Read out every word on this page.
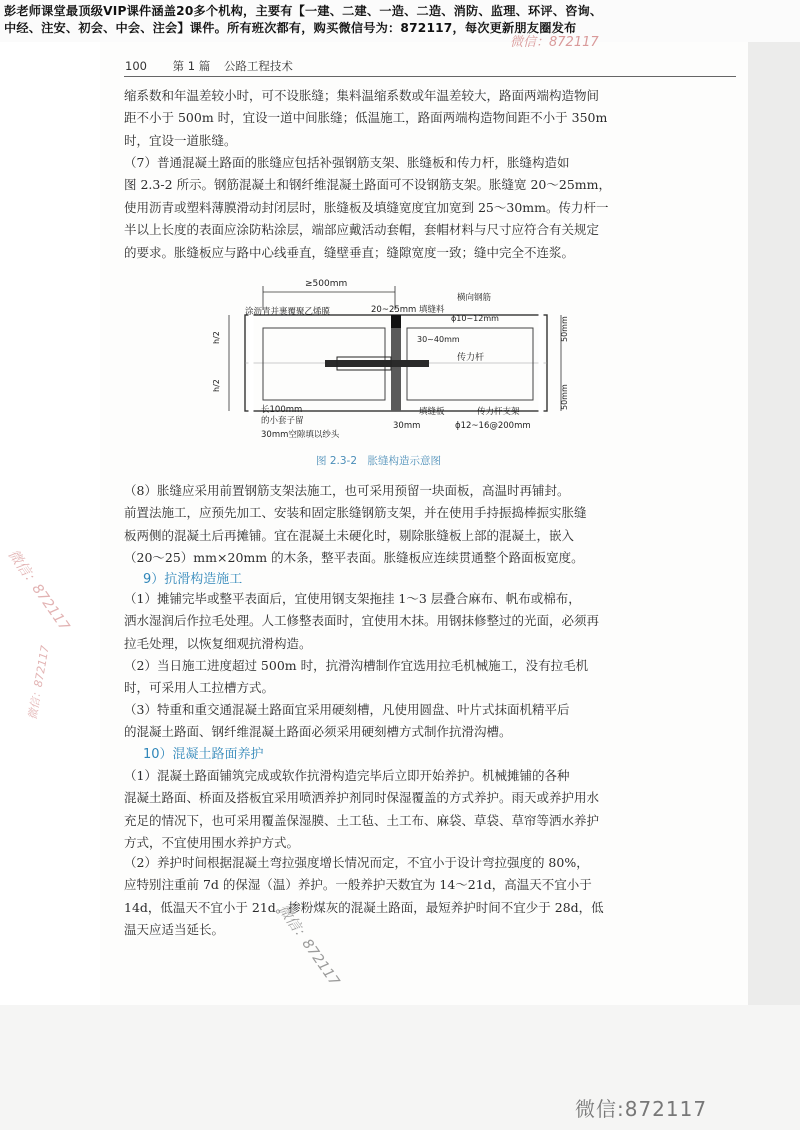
彭老师课堂最顶级VIP课件涵盖20多个机构，主要有【一建、二建、一造、二造、消防、监理、环评、咨询、
中经、注安、初会、中会、注会】课件。所有班次都有，购买微信号为：872117，每次更新朋友圈发布
微信：872117
100 第 1 篇 公路工程技术
缩系数和年温差较小时，可不设胀缝；集料温缩系数或年温差较大，路面两端构造物间
距不小于 500m 时，宜设一道中间胀缝；低温施工，路面两端构造物间距不小于 350m
时，宜设一道胀缝。
（7）普通混凝土路面的胀缝应包括补强钢筋支架、胀缝板和传力杆，胀缝构造如
图 2.3-2 所示。钢筋混凝土和钢纤维混凝土路面可不设钢筋支架。胀缝宽 20～25mm，
使用沥青或塑料薄膜滑动封闭层时，胀缝板及填缝宽度宜加宽到 25～30mm。传力杆一
半以上长度的表面应涂防粘涂层，端部应戴活动套帽，套帽材料与尺寸应符合有关规定
的要求。胀缝板应与路中心线垂直，缝壁垂直；缝隙宽度一致；缝中完全不连浆。
≥500mm
50mm
50mm
h/2
h/2
涂沥青并裹覆聚乙烯膜	20~25mm 填缝料
横向钢筋
ϕ10~12mm
30~40mm
传力杆
长100mm
的小套子留
30mm空隙填以纱头
填缝板
30mm
传力杆支架
ϕ12~16@200mm
图 2.3-2　胀缝构造示意图
（8）胀缝应采用前置钢筋支架法施工，也可采用预留一块面板，高温时再铺封。
前置法施工，应预先加工、安装和固定胀缝钢筋支架，并在使用手持振捣棒振实胀缝
板两侧的混凝土后再摊铺。宜在混凝土未硬化时，剔除胀缝板上部的混凝土，嵌入
（20～25）mm×20mm 的木条，整平表面。胀缝板应连续贯通整个路面板宽度。
9）抗滑构造施工
（1）摊铺完毕或整平表面后，宜使用钢支架拖挂 1～3 层叠合麻布、帆布或棉布，
洒水湿润后作拉毛处理。人工修整表面时，宜使用木抹。用钢抹修整过的光面，必须再
拉毛处理，以恢复细观抗滑构造。
（2）当日施工进度超过 500m 时，抗滑沟槽制作宜选用拉毛机械施工，没有拉毛机
时，可采用人工拉槽方式。
（3）特重和重交通混凝土路面宜采用硬刻槽，凡使用圆盘、叶片式抹面机精平后
的混凝土路面、钢纤维混凝土路面必须采用硬刻槽方式制作抗滑沟槽。
10）混凝土路面养护
（1）混凝土路面铺筑完成或软作抗滑构造完毕后立即开始养护。机械摊铺的各种
混凝土路面、桥面及搭板宜采用喷洒养护剂同时保湿覆盖的方式养护。雨天或养护用水
充足的情况下，也可采用覆盖保湿膜、土工毡、土工布、麻袋、草袋、草帘等洒水养护
方式，不宜使用围水养护方式。
（2）养护时间根据混凝土弯拉强度增长情况而定，不宜小于设计弯拉强度的 80%，
应特别注重前 7d 的保湿（温）养护。一般养护天数宜为 14～21d，高温天不宜小于
14d，低温天不宜小于 21d。掺粉煤灰的混凝土路面，最短养护时间不宜少于 28d，低
温天应适当延长。
微信：872117
微信：872117
微信：872117
微信:872117
